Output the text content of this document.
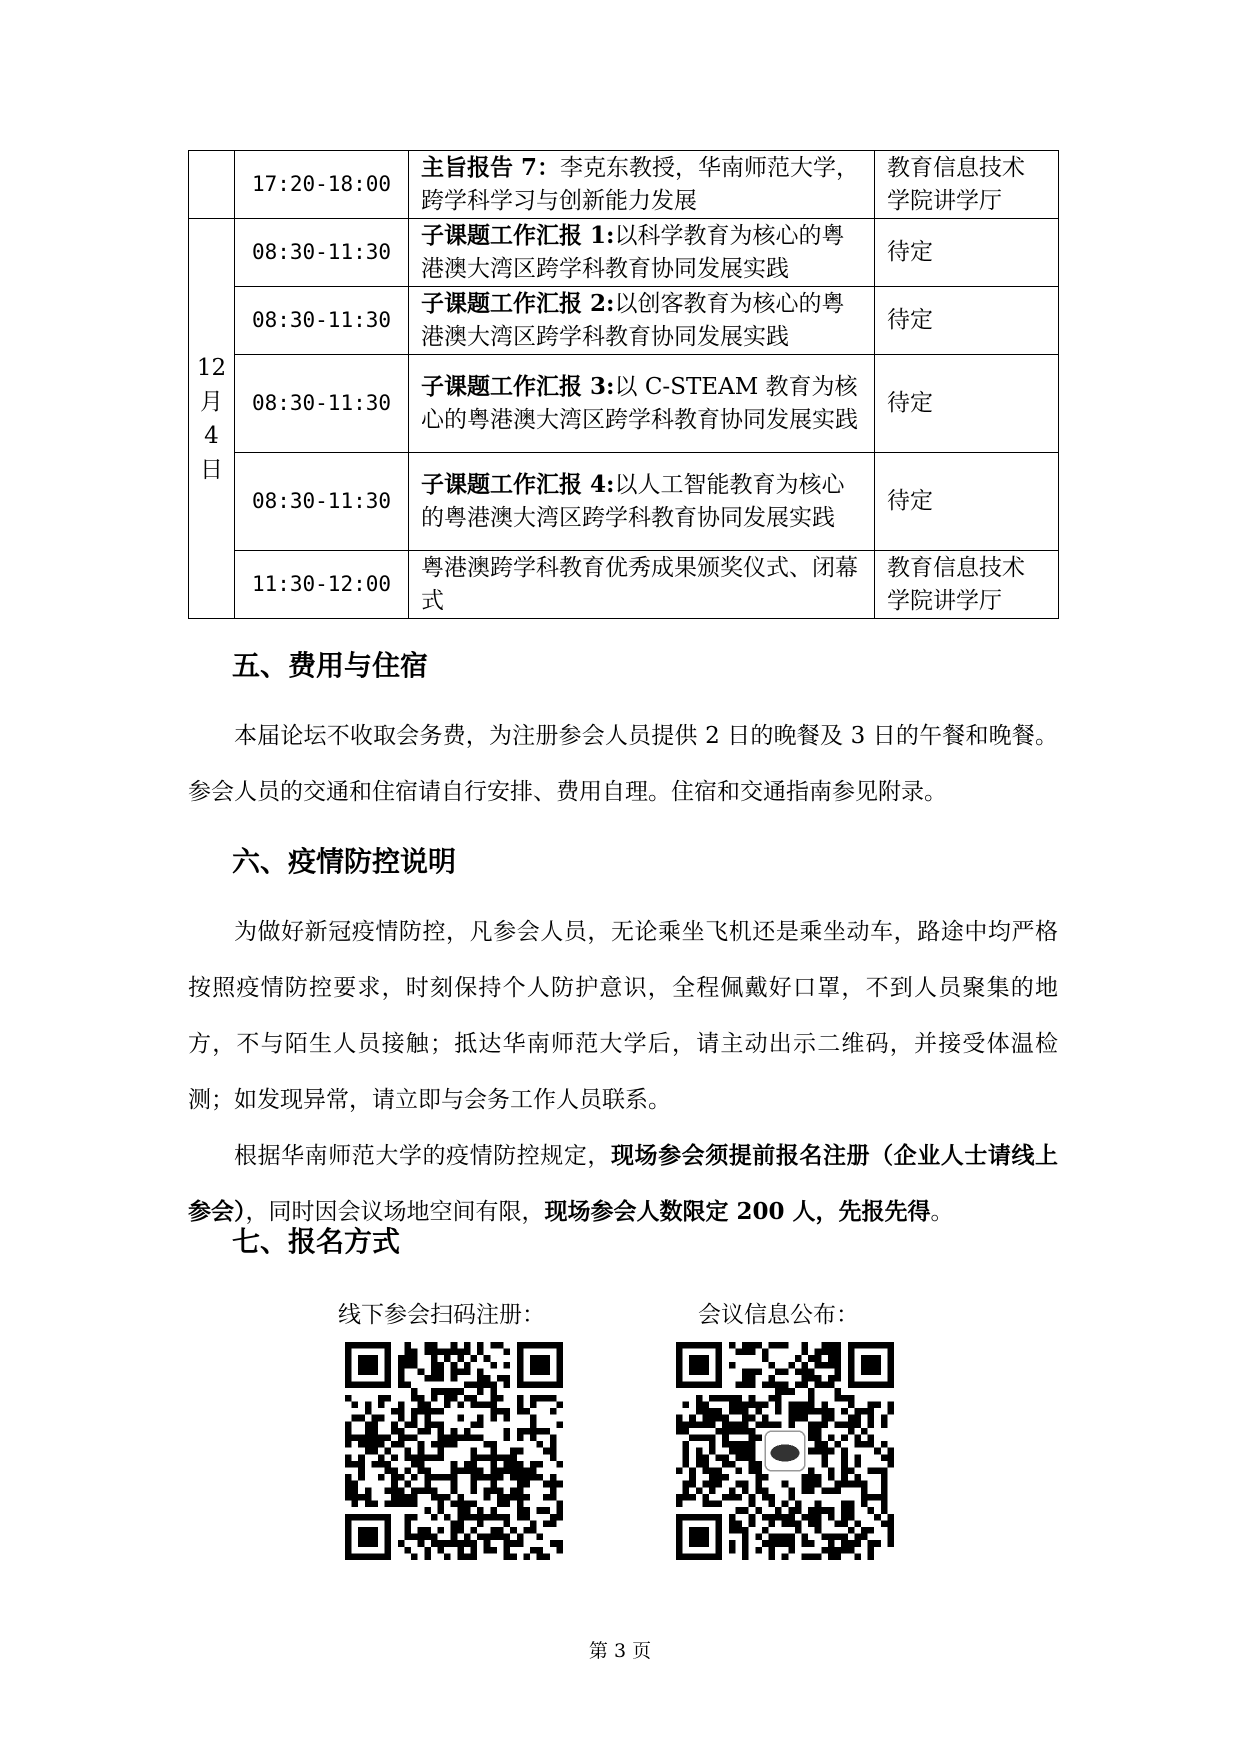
	17:20-18:00	主旨报告 7：李克东教授，华南师范大学，跨学科学习与创新能力发展	教育信息技术学院讲学厅

12
月
4
日	08:30-11:30	子课题工作汇报 1:以科学教育为核心的粤港澳大湾区跨学科教育协同发展实践	待定
	08:30-11:30	子课题工作汇报 2:以创客教育为核心的粤港澳大湾区跨学科教育协同发展实践	待定
	08:30-11:30	子课题工作汇报 3:以 C-STEAM 教育为核心的粤港澳大湾区跨学科教育协同发展实践	待定
	08:30-11:30	子课题工作汇报 4:以人工智能教育为核心的粤港澳大湾区跨学科教育协同发展实践	待定
	11:30-12:00	粤港澳跨学科教育优秀成果颁奖仪式、闭幕式	教育信息技术学院讲学厅
五、费用与住宿

本届论坛不收取会务费，为注册参会人员提供 2 日的晚餐及 3 日的午餐和晚餐。参会人员的交通和住宿请自行安排、费用自理。住宿和交通指南参见附录。

六、疫情防控说明

为做好新冠疫情防控，凡参会人员，无论乘坐飞机还是乘坐动车，路途中均严格按照疫情防控要求，时刻保持个人防护意识，全程佩戴好口罩，不到人员聚集的地方，不与陌生人员接触；抵达华南师范大学后，请主动出示二维码，并接受体温检测；如发现异常，请立即与会务工作人员联系。

根据华南师范大学的疫情防控规定，现场参会须提前报名注册（企业人士请线上参会），同时因会议场地空间有限，现场参会人数限定 200 人，先报先得。

七、报名方式
线下参会扫码注册：	会议信息公布：
第 3 页
